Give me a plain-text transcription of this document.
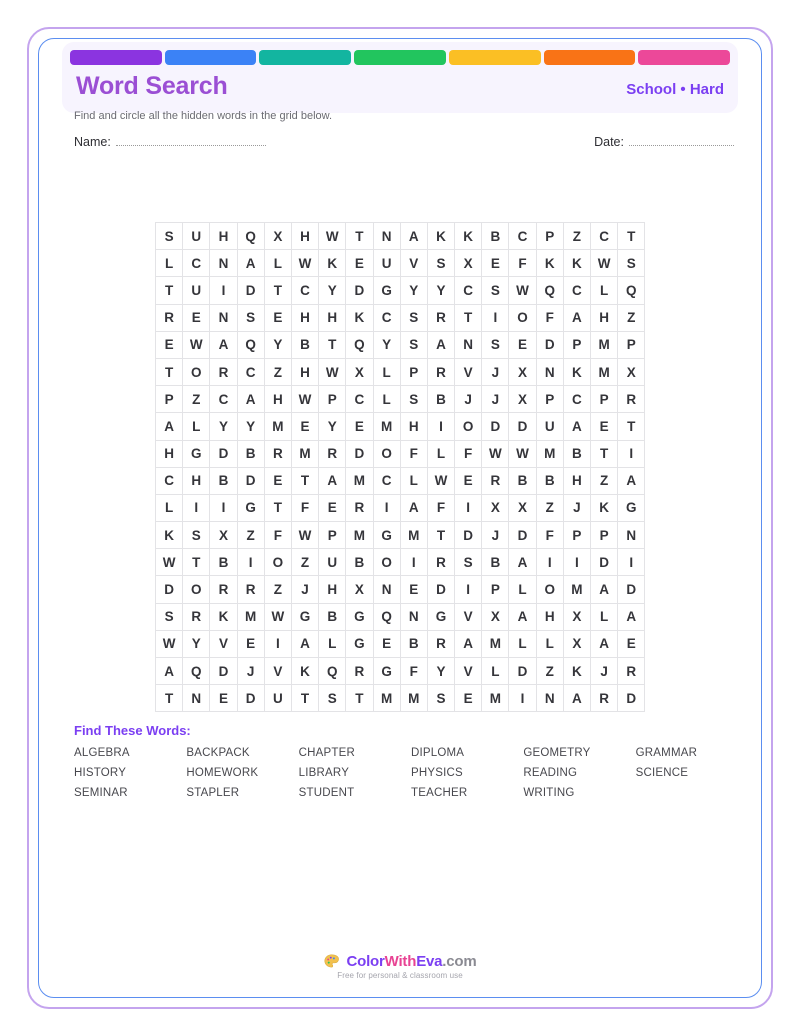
Word Search	School • Hard
Find and circle all the hidden words in the grid below.
Name:	Date:
S	U	H	Q	X	H	W	T	N	A	K	K	B	C	P	Z	C	T
L	C	N	A	L	W	K	E	U	V	S	X	E	F	K	K	W	S
T	U	I	D	T	C	Y	D	G	Y	Y	C	S	W	Q	C	L	Q
R	E	N	S	E	H	H	K	C	S	R	T	I	O	F	A	H	Z
E	W	A	Q	Y	B	T	Q	Y	S	A	N	S	E	D	P	M	P
T	O	R	C	Z	H	W	X	L	P	R	V	J	X	N	K	M	X
P	Z	C	A	H	W	P	C	L	S	B	J	J	X	P	C	P	R
A	L	Y	Y	M	E	Y	E	M	H	I	O	D	D	U	A	E	T
H	G	D	B	R	M	R	D	O	F	L	F	W	W	M	B	T	I
C	H	B	D	E	T	A	M	C	L	W	E	R	B	B	H	Z	A
L	I	I	G	T	F	E	R	I	A	F	I	X	X	Z	J	K	G
K	S	X	Z	F	W	P	M	G	M	T	D	J	D	F	P	P	N
W	T	B	I	O	Z	U	B	O	I	R	S	B	A	I	I	D	I
D	O	R	R	Z	J	H	X	N	E	D	I	P	L	O	M	A	D
S	R	K	M	W	G	B	G	Q	N	G	V	X	A	H	X	L	A
W	Y	V	E	I	A	L	G	E	B	R	A	M	L	L	X	A	E
A	Q	D	J	V	K	Q	R	G	F	Y	V	L	D	Z	K	J	R
T	N	E	D	U	T	S	T	M	M	S	E	M	I	N	A	R	D
Find These Words:
ALGEBRA	BACKPACK	CHAPTER	DIPLOMA	GEOMETRY	GRAMMAR
HISTORY	HOMEWORK	LIBRARY	PHYSICS	READING	SCIENCE
SEMINAR	STAPLER	STUDENT	TEACHER	WRITING
ColorWithEva.com
Free for personal & classroom use
